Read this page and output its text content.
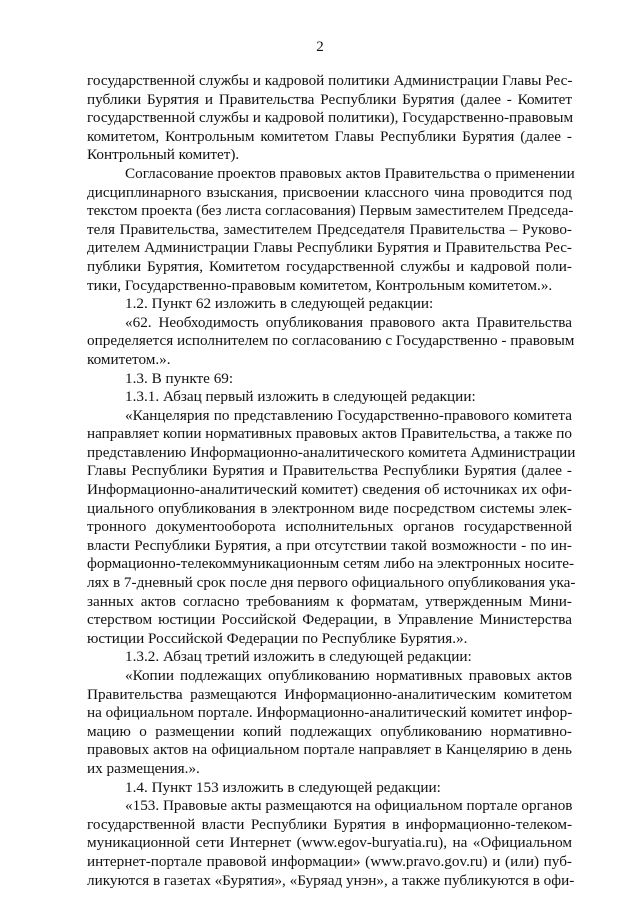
2

государственной службы и кадровой политики Администрации Главы Рес-

публики Бурятия и Правительства Республики Бурятия (далее - Комитет

государственной службы и кадровой политики), Государственно-правовым

комитетом, Контрольным комитетом Главы Республики Бурятия (далее -

Контрольный комитет).

Согласование проектов правовых актов Правительства о применении

дисциплинарного взыскания, присвоении классного чина проводится под

текстом проекта (без листа согласования) Первым заместителем Председа-

теля Правительства, заместителем Председателя Правительства – Руково-

дителем Администрации Главы Республики Бурятия и Правительства Рес-

публики Бурятия, Комитетом государственной службы и кадровой поли-

тики, Государственно-правовым комитетом, Контрольным комитетом.».

1.2. Пункт 62 изложить в следующей редакции:

«62. Необходимость опубликования правового акта Правительства

определяется исполнителем по согласованию с Государственно - правовым

комитетом.».

1.3. В пункте 69:

1.3.1. Абзац первый изложить в следующей редакции:

«Канцелярия по представлению Государственно-правового комитета

направляет копии нормативных правовых актов Правительства, а также по

представлению Информационно-аналитического комитета Администрации

Главы Республики Бурятия и Правительства Республики Бурятия (далее -

Информационно-аналитический комитет) сведения об источниках их офи-

циального опубликования в электронном виде посредством системы элек-

тронного документооборота исполнительных органов государственной

власти Республики Бурятия, а при отсутствии такой возможности - по ин-

формационно-телекоммуникационным сетям либо на электронных носите-

лях в 7-дневный срок после дня первого официального опубликования ука-

занных актов согласно требованиям к форматам, утвержденным Мини-

стерством юстиции Российской Федерации, в Управление Министерства

юстиции Российской Федерации по Республике Бурятия.».

1.3.2. Абзац третий изложить в следующей редакции:

«Копии подлежащих опубликованию нормативных правовых актов

Правительства размещаются Информационно-аналитическим комитетом

на официальном портале. Информационно-аналитический комитет инфор-

мацию о размещении копий подлежащих опубликованию нормативно-

правовых актов на официальном портале направляет в Канцелярию в день

их размещения.».

1.4. Пункт 153 изложить в следующей редакции:

«153. Правовые акты размещаются на официальном портале органов

государственной власти Республики Бурятия в информационно-телеком-

муникационной сети Интернет (www.egov-buryatia.ru), на «Официальном

интернет-портале правовой информации» (www.pravo.gov.ru) и (или) пуб-

ликуются в газетах «Бурятия», «Буряад унэн», а также публикуются в офи-
